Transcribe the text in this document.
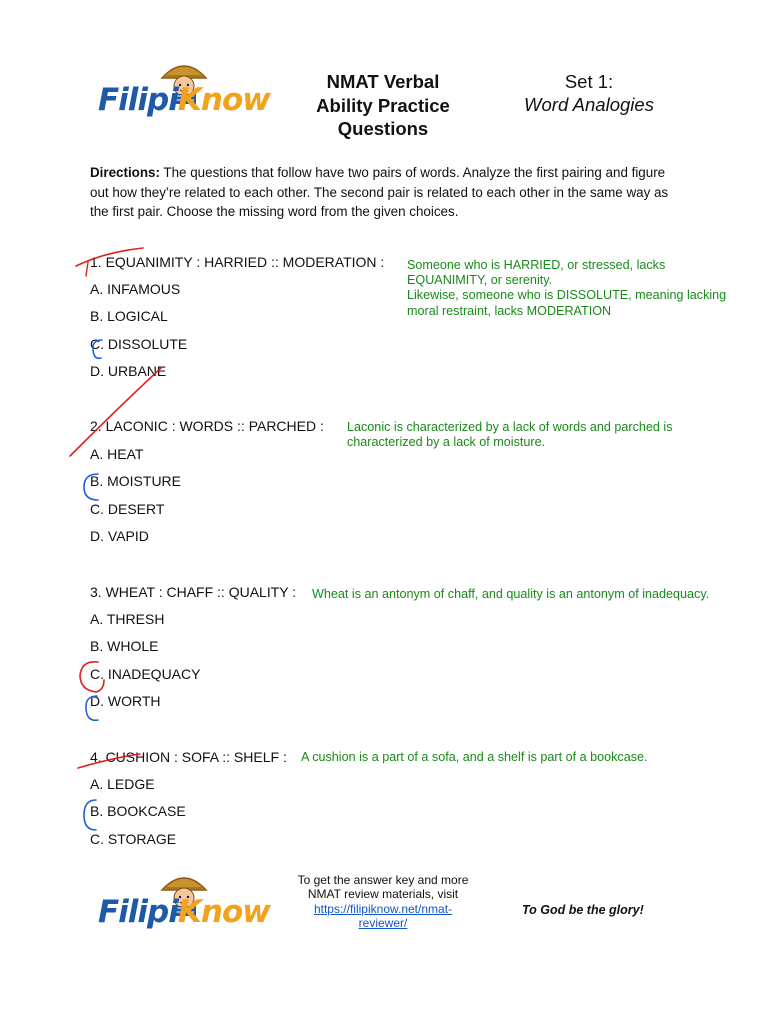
FilipiKnow
NMAT Verbal
Ability Practice
Questions
Set 1:
Word Analogies
Directions: The questions that follow have two pairs of words. Analyze the first pairing and figure out how they’re related to each other. The second pair is related to each other in the same way as the first pair. Choose the missing word from the given choices.
1. EQUANIMITY : HARRIED :: MODERATION :
A. INFAMOUS
B. LOGICAL
C. DISSOLUTE
D. URBANE
Someone who is HARRIED, or stressed, lacks
EQUANIMITY, or serenity.
Likewise, someone who is DISSOLUTE, meaning lacking
moral restraint, lacks MODERATION
2. LACONIC : WORDS :: PARCHED :
A. HEAT
B. MOISTURE
C. DESERT
D. VAPID
Laconic is characterized by a lack of words and parched is
characterized by a lack of moisture.
3. WHEAT : CHAFF :: QUALITY :
A. THRESH
B. WHOLE
C. INADEQUACY
D. WORTH
Wheat is an antonym of chaff, and quality is an antonym of inadequacy.
4. CUSHION : SOFA :: SHELF :
A. LEDGE
B. BOOKCASE
C. STORAGE
A cushion is a part of a sofa, and a shelf is part of a bookcase.
FilipiKnow
To get the answer key and more
NMAT review materials, visit
https://filipiknow.net/nmat-
reviewer/
To God be the glory!
